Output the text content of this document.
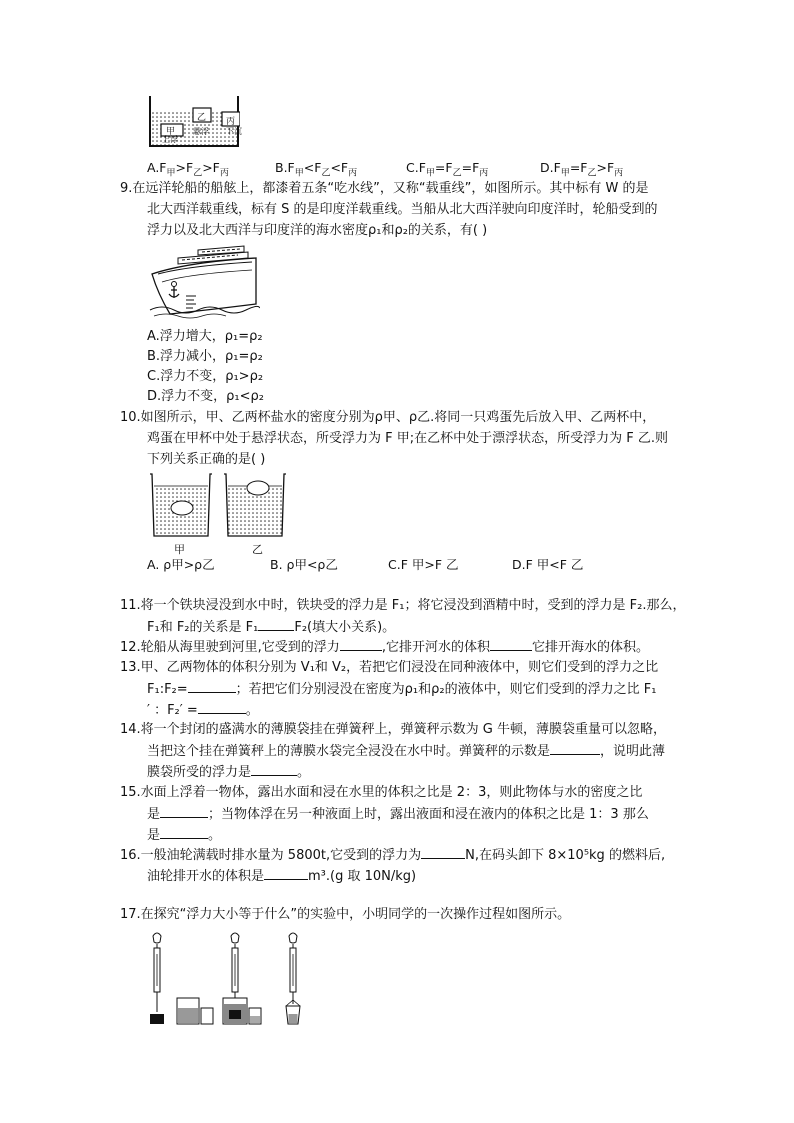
甲
上浮
乙
悬浮
丙
下沉
$A.F_甲>F_乙>F_丙$	$B.F_甲<F_乙<F_丙$	$C.F_甲=F_乙=F_丙$	$D.F_甲=F_乙>F_丙$
9.在远洋轮船的船舷上，都漆着五条“吃水线”，又称“载重线”，如图所示。其中标有 W 的是
北大西洋载重线，标有 S 的是印度洋载重线。当船从北大西洋驶向印度洋时，轮船受到的
浮力以及北大西洋与印度洋的海水密度ρ₁和ρ₂的关系，有( )
A.浮力增大，ρ₁=ρ₂
B.浮力减小，ρ₁=ρ₂
C.浮力不变，ρ₁>ρ₂
D.浮力不变，ρ₁<ρ₂
10.如图所示，甲、乙两杯盐水的密度分别为ρ甲、ρ乙.将同一只鸡蛋先后放入甲、乙两杯中，
鸡蛋在甲杯中处于悬浮状态，所受浮力为 F 甲;在乙杯中处于漂浮状态，所受浮力为 F 乙.则
下列关系正确的是( )
甲	乙
A. ρ甲>ρ乙	B. ρ甲<ρ乙	C.F 甲>F 乙	D.F 甲<F 乙
11.将一个铁块浸没到水中时，铁块受的浮力是 F₁；将它浸没到酒精中时，受到的浮力是 F₂.那么，
F₁和 F₂的关系是 F₁	F₂(填大小关系)。
12.轮船从海里驶到河里,它受到的浮力	,它排开河水的体积	它排开海水的体积。
13.甲、乙两物体的体积分别为 V₁和 V₂，若把它们浸没在同种液体中，则它们受到的浮力之比
F₁:F₂=	；若把它们分别浸没在密度为ρ₁和ρ₂的液体中，则它们受到的浮力之比 F₁
′ ：F₂′ =	。
14.将一个封闭的盛满水的薄膜袋挂在弹簧秤上，弹簧秤示数为 G 牛顿，薄膜袋重量可以忽略，
当把这个挂在弹簧秤上的薄膜水袋完全浸没在水中时。弹簧秤的示数是	，说明此薄
膜袋所受的浮力是	。
15.水面上浮着一物体，露出水面和浸在水里的体积之比是 2：3，则此物体与水的密度之比
是	；当物体浮在另一种液面上时，露出液面和浸在液内的体积之比是 1：3 那么
是	。
16.一般油轮满载时排水量为 5800t,它受到的浮力为	N,在码头卸下 8×10⁵kg 的燃料后,
油轮排开水的体积是	m³.(g 取 10N/kg)
17.在探究“浮力大小等于什么”的实验中，小明同学的一次操作过程如图所示。
